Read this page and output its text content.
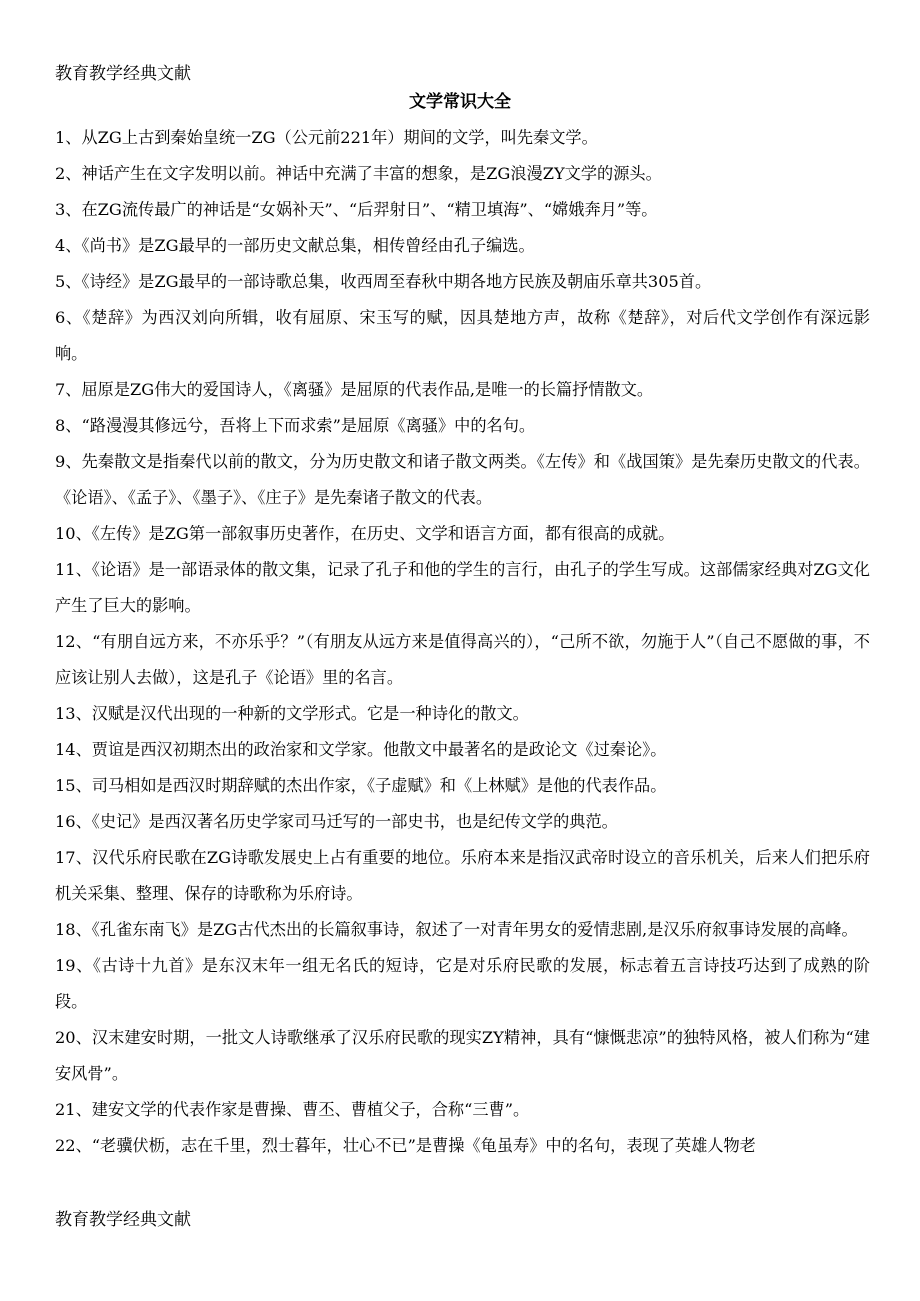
教育教学经典文献
文学常识大全

1、从ZG上古到秦始皇统一ZG（公元前221年）期间的文学，叫先秦文学。

2、神话产生在文字发明以前。神话中充满了丰富的想象，是ZG浪漫ZY文学的源头。

3、在ZG流传最广的神话是“女娲补天”、“后羿射日”、“精卫填海”、“嫦娥奔月”等。

4、《尚书》是ZG最早的一部历史文献总集，相传曾经由孔子编选。

5、《诗经》是ZG最早的一部诗歌总集，收西周至春秋中期各地方民族及朝庙乐章共305首。

6、《楚辞》为西汉刘向所辑，收有屈原、宋玉写的赋，因具楚地方声，故称《楚辞》，对后代文学创作有深远影响。

7、屈原是ZG伟大的爱国诗人，《离骚》是屈原的代表作品,是唯一的长篇抒情散文。

8、“路漫漫其修远兮，吾将上下而求索”是屈原《离骚》中的名句。

9、先秦散文是指秦代以前的散文，分为历史散文和诸子散文两类。《左传》和《战国策》是先秦历史散文的代表。《论语》、《孟子》、《墨子》、《庄子》是先秦诸子散文的代表。

10、《左传》是ZG第一部叙事历史著作，在历史、文学和语言方面，都有很高的成就。

11、《论语》是一部语录体的散文集，记录了孔子和他的学生的言行，由孔子的学生写成。这部儒家经典对ZG文化产生了巨大的影响。

12、“有朋自远方来，不亦乐乎？”（有朋友从远方来是值得高兴的），“己所不欲，勿施于人”（自己不愿做的事，不应该让别人去做），这是孔子《论语》里的名言。

13、汉赋是汉代出现的一种新的文学形式。它是一种诗化的散文。

14、贾谊是西汉初期杰出的政治家和文学家。他散文中最著名的是政论文《过秦论》。

15、司马相如是西汉时期辞赋的杰出作家，《子虚赋》和《上林赋》是他的代表作品。

16、《史记》是西汉著名历史学家司马迁写的一部史书，也是纪传文学的典范。

17、汉代乐府民歌在ZG诗歌发展史上占有重要的地位。乐府本来是指汉武帝时设立的音乐机关，后来人们把乐府机关采集、整理、保存的诗歌称为乐府诗。

18、《孔雀东南飞》是ZG古代杰出的长篇叙事诗，叙述了一对青年男女的爱情悲剧,是汉乐府叙事诗发展的高峰。

19、《古诗十九首》是东汉末年一组无名氏的短诗，它是对乐府民歌的发展，标志着五言诗技巧达到了成熟的阶段。

20、汉末建安时期，一批文人诗歌继承了汉乐府民歌的现实ZY精神，具有“慷慨悲凉”的独特风格，被人们称为“建安风骨”。

21、建安文学的代表作家是曹操、曹丕、曹植父子，合称“三曹”。

22、“老骥伏枥，志在千里，烈士暮年，壮心不已”是曹操《龟虽寿》中的名句，表现了英雄人物老

教育教学经典文献
